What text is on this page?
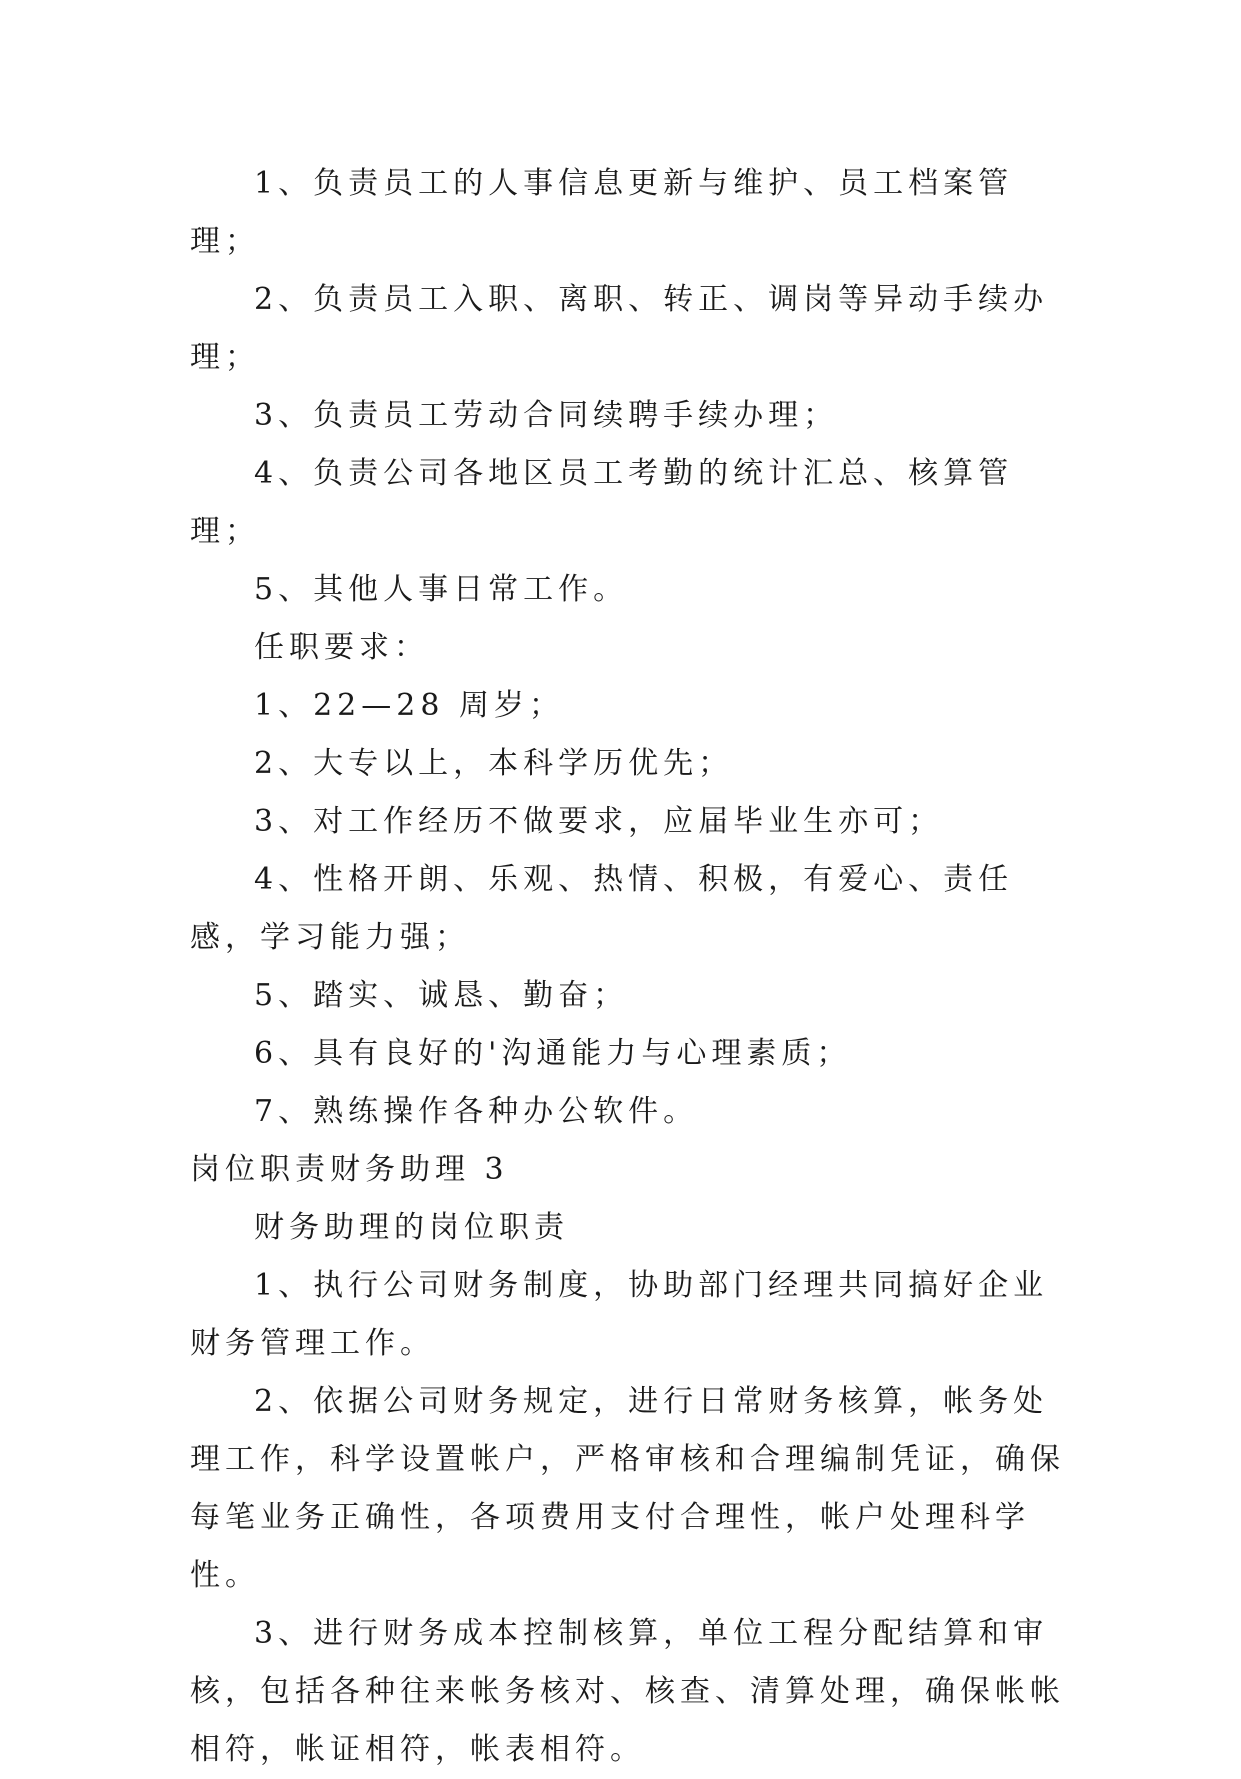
1、负责员工的人事信息更新与维护、员工档案管理；

2、负责员工入职、离职、转正、调岗等异动手续办理；

3、负责员工劳动合同续聘手续办理；

4、负责公司各地区员工考勤的统计汇总、核算管理；

5、其他人事日常工作。

任职要求：

1、22—28 周岁；

2、大专以上，本科学历优先；

3、对工作经历不做要求，应届毕业生亦可；

4、性格开朗、乐观、热情、积极，有爱心、责任感，学习能力强；

5、踏实、诚恳、勤奋；

6、具有良好的'沟通能力与心理素质；

7、熟练操作各种办公软件。

岗位职责财务助理 3

财务助理的岗位职责

1、执行公司财务制度，协助部门经理共同搞好企业财务管理工作。

2、依据公司财务规定，进行日常财务核算，帐务处理工作，科学设置帐户，严格审核和合理编制凭证，确保每笔业务正确性，各项费用支付合理性，帐户处理科学性。

3、进行财务成本控制核算，单位工程分配结算和审核，包括各种往来帐务核对、核查、清算处理，确保帐帐相符，帐证相符，帐表相符。
